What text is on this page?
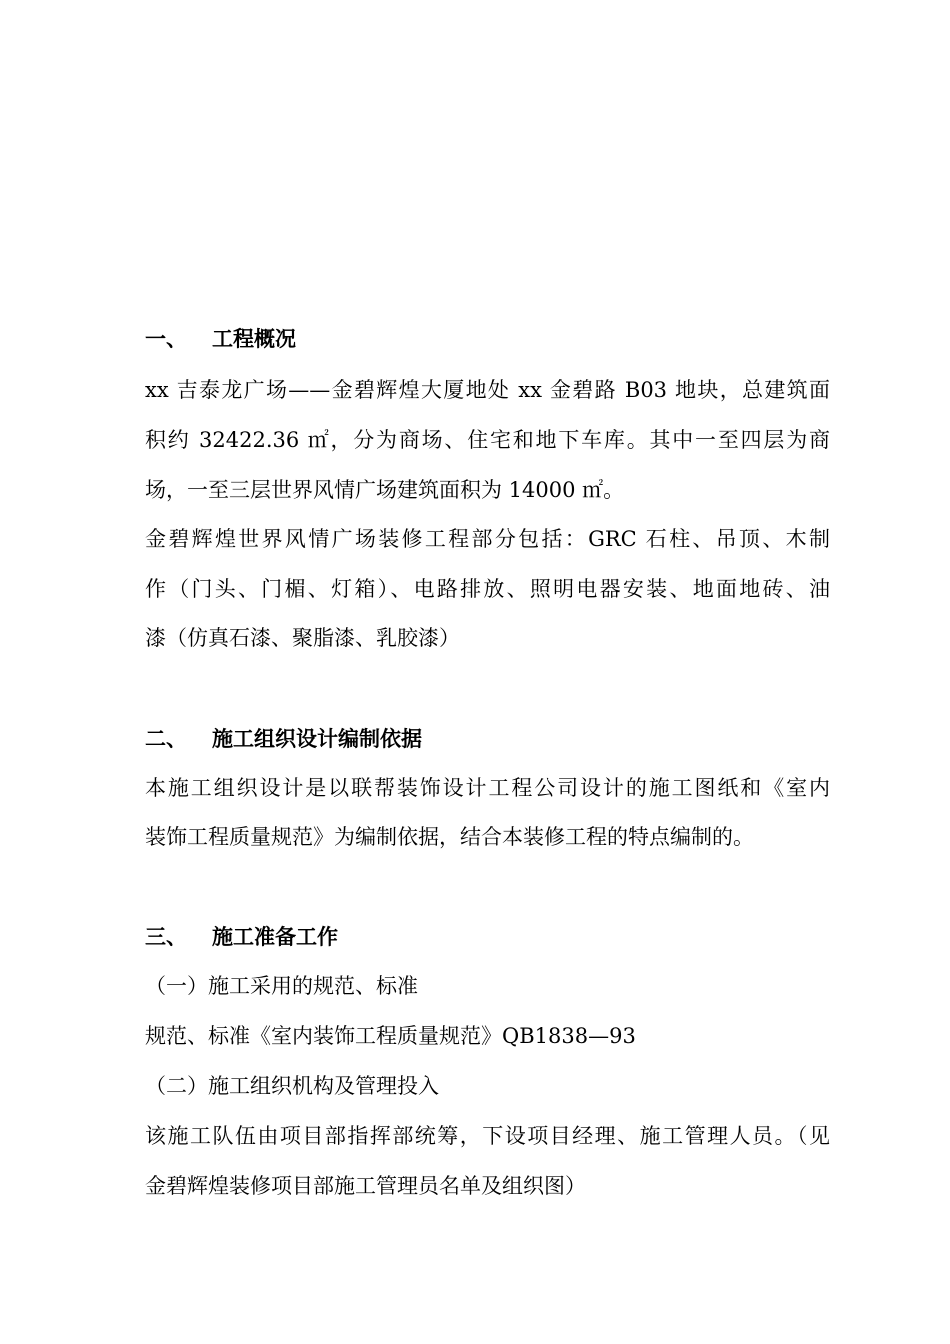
一、 工程概况
xx 吉泰龙广场——金碧辉煌大厦地处 xx 金碧路 B03 地块，总建筑面
积约 32422.36 ㎡，分为商场、住宅和地下车库。其中一至四层为商
场，一至三层世界风情广场建筑面积为 14000 ㎡。
金碧辉煌世界风情广场装修工程部分包括：GRC 石柱、吊顶、木制
作（门头、门楣、灯箱）、电路排放、照明电器安装、地面地砖、油
漆（仿真石漆、聚脂漆、乳胶漆）
二、 施工组织设计编制依据
本施工组织设计是以联帮装饰设计工程公司设计的施工图纸和《室内
装饰工程质量规范》为编制依据，结合本装修工程的特点编制的。
三、 施工准备工作
（一）施工采用的规范、标准
规范、标准《室内装饰工程质量规范》QB1838—93
（二）施工组织机构及管理投入
该施工队伍由项目部指挥部统筹，下设项目经理、施工管理人员。（见
金碧辉煌装修项目部施工管理员名单及组织图）
